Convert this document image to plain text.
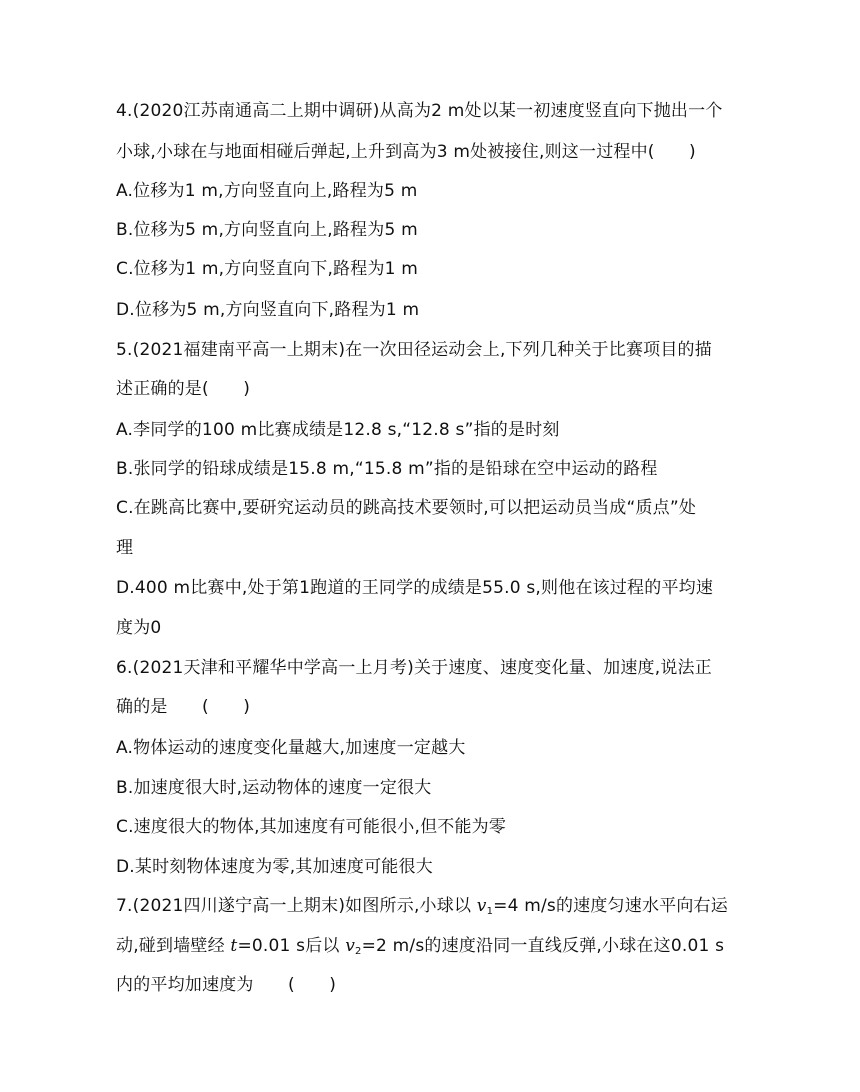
4.(2020江苏南通高二上期中调研)从高为2 m处以某一初速度竖直向下抛出一个
小球,小球在与地面相碰后弹起,上升到高为3 m处被接住,则这一过程中(　　)
A.位移为1 m,方向竖直向上,路程为5 m
B.位移为5 m,方向竖直向上,路程为5 m
C.位移为1 m,方向竖直向下,路程为1 m
D.位移为5 m,方向竖直向下,路程为1 m
5.(2021福建南平高一上期末)在一次田径运动会上,下列几种关于比赛项目的描
述正确的是(　　)
A.李同学的100 m比赛成绩是12.8 s,“12.8 s”指的是时刻
B.张同学的铅球成绩是15.8 m,“15.8 m”指的是铅球在空中运动的路程
C.在跳高比赛中,要研究运动员的跳高技术要领时,可以把运动员当成“质点”处
理
D.400 m比赛中,处于第1跑道的王同学的成绩是55.0 s,则他在该过程的平均速
度为0
6.(2021天津和平耀华中学高一上月考)关于速度、速度变化量、加速度,说法正
确的是　　(　　)
A.物体运动的速度变化量越大,加速度一定越大
B.加速度很大时,运动物体的速度一定很大
C.速度很大的物体,其加速度有可能很小,但不能为零
D.某时刻物体速度为零,其加速度可能很大
7.(2021四川遂宁高一上期末)如图所示,小球以 $v_1=4$ m/s的速度匀速水平向右运
动,碰到墙壁经 t=0.01 s后以 $v_2=2$ m/s的速度沿同一直线反弹,小球在这0.01 s
内的平均加速度为　　(　　)
